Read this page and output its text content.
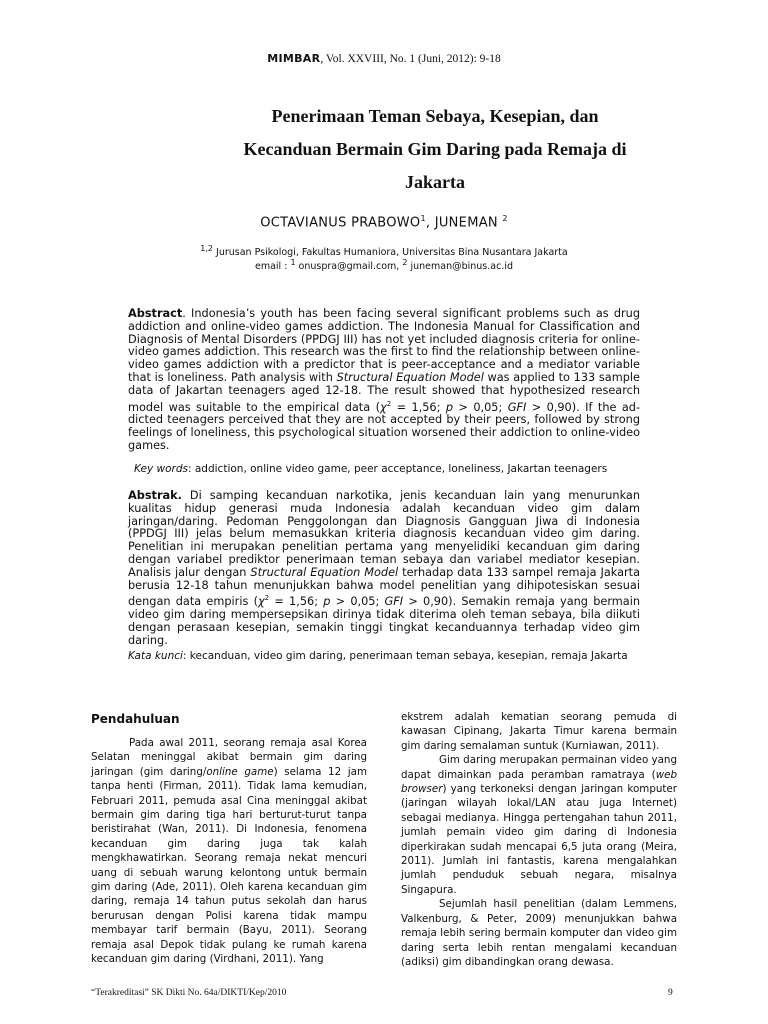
MIMBAR, Vol. XXVIII, No. 1 (Juni, 2012): 9-18
Penerimaan Teman Sebaya, Kesepian, dan
Kecanduan Bermain Gim Daring pada Remaja di
Jakarta
OCTAVIANUS PRABOWO$^1$, JUNEMAN $^2$
$^{1,2}$ Jurusan Psikologi, Fakultas Humaniora, Universitas Bina Nusantara Jakarta
email : $^1$ onuspra@gmail.com, $^2$ juneman@binus.ac.id
Abstract. Indonesia’s youth has been facing several significant problems such as drug addiction and online-video games addiction. The Indonesia Manual for Classification and Diagnosis of Mental Disorders (PPDGJ III) has not yet included diagnosis criteria for online-video games addiction. This research was the first to find the relationship between online-video games addiction with a predictor that is peer-acceptance and a mediator variable that is loneliness. Path analysis with Structural Equation Model was applied to 133 sample data of Jakartan teenagers aged 12-18. The result showed that hypothesized research model was suitable to the empirical data ($\chi^2 = 1,56$; p > 0,05; GFI > 0,90). If the ad-dicted teenagers perceived that they are not accepted by their peers, followed by strong feelings of loneliness, this psychological situation worsened their addiction to online-video games.
Key words: addiction, online video game, peer acceptance, loneliness, Jakartan teenagers
Abstrak. Di samping kecanduan narkotika, jenis kecanduan lain yang menurunkan kualitas hidup generasi muda Indonesia adalah kecanduan video gim dalam jaringan/daring. Pedoman Penggolongan dan Diagnosis Gangguan Jiwa di Indonesia (PPDGJ III) jelas belum memasukkan kriteria diagnosis kecanduan video gim daring. Penelitian ini merupakan penelitian pertama yang menyelidiki kecanduan gim daring dengan variabel prediktor penerimaan teman sebaya dan variabel mediator kesepian. Analisis jalur dengan Structural Equation Model terhadap data 133 sampel remaja Jakarta berusia 12-18 tahun menunjukkan bahwa model penelitian yang dihipotesiskan sesuai dengan data empiris ($\chi^2 = 1,56$; p > 0,05; GFI > 0,90). Semakin remaja yang bermain video gim daring mempersepsikan dirinya tidak diterima oleh teman sebaya, bila diikuti dengan perasaan kesepian, semakin tinggi tingkat kecanduannya terhadap video gim daring.
Kata kunci: kecanduan, video gim daring, penerimaan teman sebaya, kesepian, remaja Jakarta
Pendahuluan

Pada awal 2011, seorang remaja asal Korea Selatan meninggal akibat bermain gim daring jaringan (gim daring/online game) selama 12 jam tanpa henti (Firman, 2011). Tidak lama kemudian, Februari 2011, pemuda asal Cina meninggal akibat bermain gim daring tiga hari berturut-turut tanpa beristirahat (Wan, 2011). Di Indonesia, fenomena kecanduan gim daring juga tak kalah mengkhawatirkan. Seorang remaja nekat mencuri uang di sebuah warung kelontong untuk bermain gim daring (Ade, 2011). Oleh karena kecanduan gim daring, remaja 14 tahun putus sekolah dan harus berurusan dengan Polisi karena tidak mampu membayar tarif bermain (Bayu, 2011). Seorang remaja asal Depok tidak pulang ke rumah karena kecanduan gim daring (Virdhani, 2011). Yang

ekstrem adalah kematian seorang pemuda di kawasan Cipinang, Jakarta Timur karena bermain gim daring semalaman suntuk (Kurniawan, 2011).

Gim daring merupakan permainan video yang dapat dimainkan pada peramban ramatraya (web browser) yang terkoneksi dengan jaringan komputer (jaringan wilayah lokal/LAN atau juga Internet) sebagai medianya. Hingga pertengahan tahun 2011, jumlah pemain video gim daring di Indonesia diperkirakan sudah mencapai 6,5 juta orang (Meira, 2011). Jumlah ini fantastis, karena mengalahkan jumlah penduduk sebuah negara, misalnya Singapura.

Sejumlah hasil penelitian (dalam Lemmens, Valkenburg, & Peter, 2009) menunjukkan bahwa remaja lebih sering bermain komputer dan video gim daring serta lebih rentan mengalami kecanduan (adiksi) gim dibandingkan orang dewasa.

“Terakreditasi” SK Dikti No. 64a/DIKTI/Kep/2010	9
